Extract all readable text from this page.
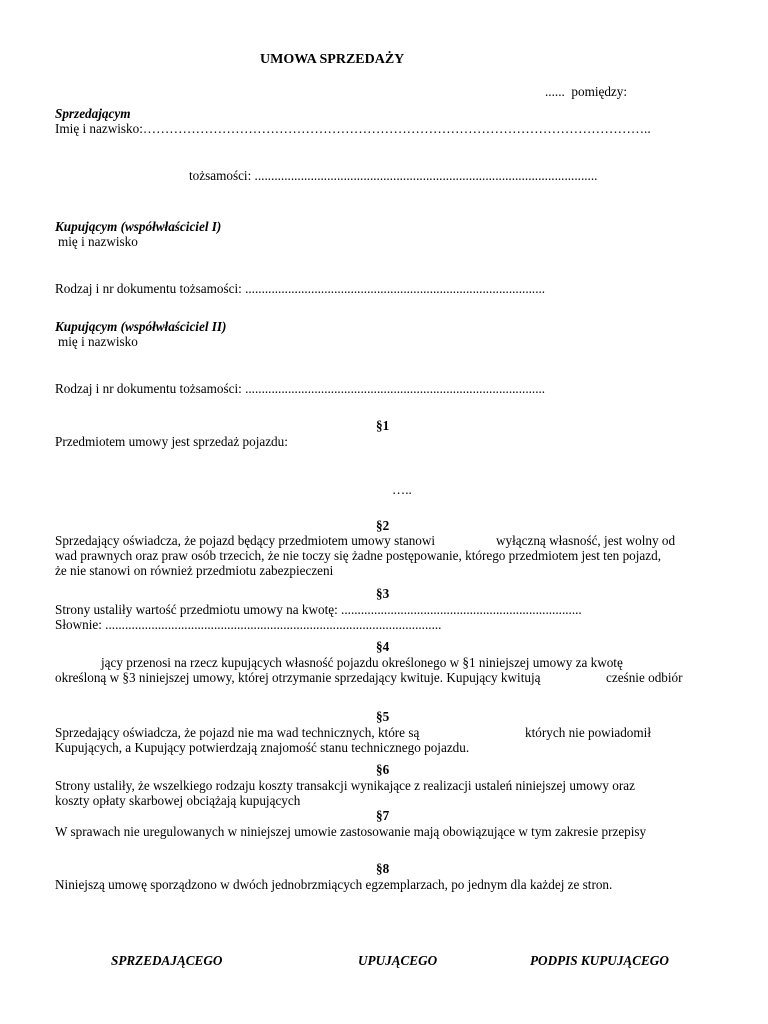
UMOWA SPRZEDAŻY

......  pomiędzy:

Sprzedającym

Imię i nazwisko:……………………………………………………………………………………………………..

tożsamości: ........................................................................................................

Kupującym (współwłaściciel I)

mię i nazwisko

Rodzaj i nr dokumentu tożsamości: ...........................................................................................

Kupującym (współwłaściciel II)

mię i nazwisko

Rodzaj i nr dokumentu tożsamości: ...........................................................................................

§1

Przedmiotem umowy jest sprzedaż pojazdu:

…..

§2

Sprzedający oświadcza, że pojazd będący przedmiotem umowy stanowi	wyłączną własność, jest wolny od

wad prawnych oraz praw osób trzecich, że nie toczy się żadne postępowanie, którego przedmiotem jest ten pojazd,

że nie stanowi on również przedmiotu zabezpieczeni

§3

Strony ustaliły wartość przedmiotu umowy na kwotę: .........................................................................

Słownie: ......................................................................................................

§4

jący przenosi na rzecz kupujących własność pojazdu określonego w §1 niniejszej umowy za kwotę

określoną w §3 niniejszej umowy, której otrzymanie sprzedający kwituje. Kupujący kwitują	cześnie odbiór

§5

Sprzedający oświadcza, że pojazd nie ma wad technicznych, które są	których nie powiadomił

Kupujących, a Kupujący potwierdzają znajomość stanu technicznego pojazdu.

§6

Strony ustaliły, że wszelkiego rodzaju koszty transakcji wynikające z realizacji ustaleń niniejszej umowy oraz

koszty opłaty skarbowej obciążają kupujących

§7

W sprawach nie uregulowanych w niniejszej umowie zastosowanie mają obowiązujące w tym zakresie przepisy

§8

Niniejszą umowę sporządzono w dwóch jednobrzmiących egzemplarzach, po jednym dla każdej ze stron.

SPRZEDAJĄCEGO	UPUJĄCEGO	PODPIS KUPUJĄCEGO
